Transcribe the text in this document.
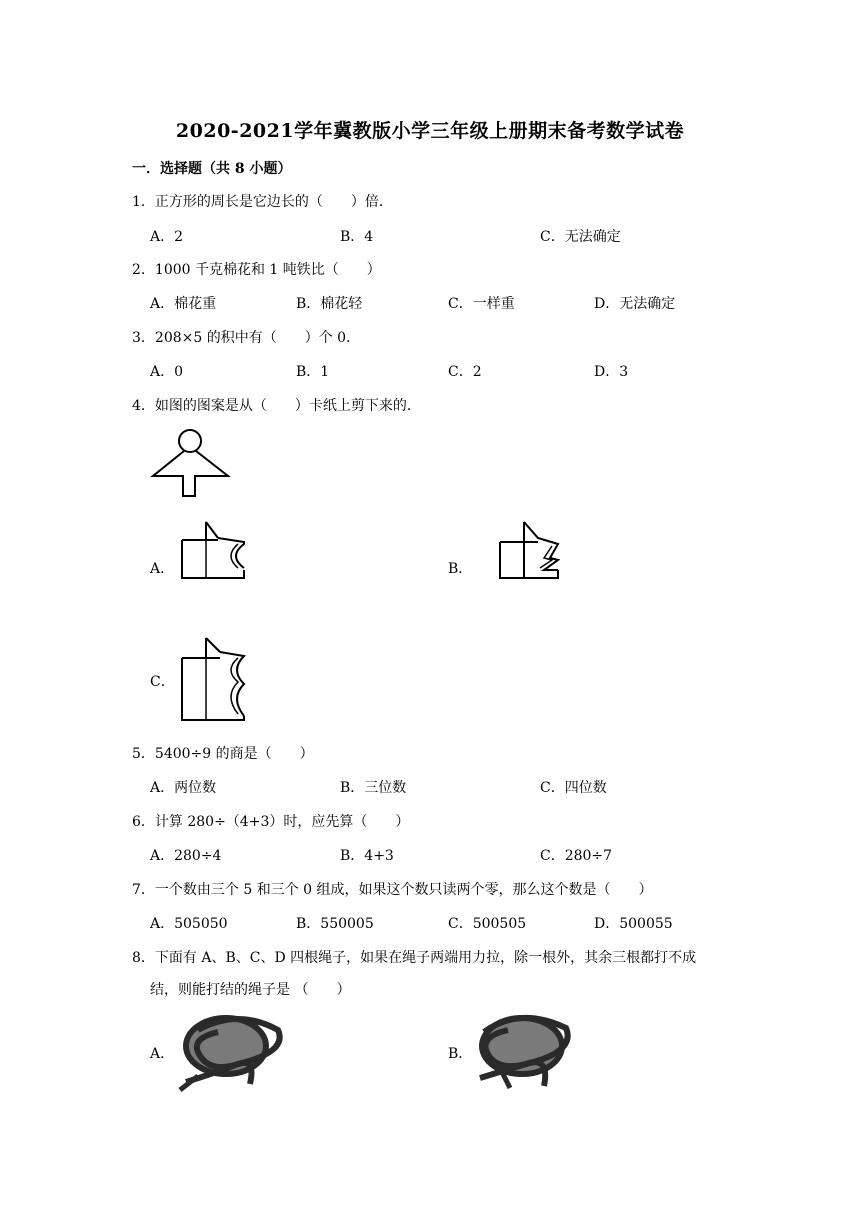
2020-2021学年冀教版小学三年级上册期末备考数学试卷
一．选择题（共 8 小题）
1．正方形的周长是它边长的（　　）倍．
A．2	B．4	C．无法确定
2．1000 千克棉花和 1 吨铁比（　　）
A．棉花重	B．棉花轻	C．一样重	D．无法确定
3．208×5 的积中有（　　）个 0．
A．0	B．1	C．2	D．3
4．如图的图案是从（　　）卡纸上剪下来的．
A．	B．
C．
5．5400÷9 的商是（　　）
A．两位数	B．三位数	C．四位数
6．计算 280÷（4+3）时，应先算（　　）
A．280÷4	B．4+3	C．280÷7
7．一个数由三个 5 和三个 0 组成，如果这个数只读两个零，那么这个数是（　　）
A．505050	B．550005	C．500505	D．500055
8．下面有 A、B、C、D 四根绳子，如果在绳子两端用力拉，除一根外，其余三根都打不成
结，则能打结的绳子是 （　　）
A．	B．
